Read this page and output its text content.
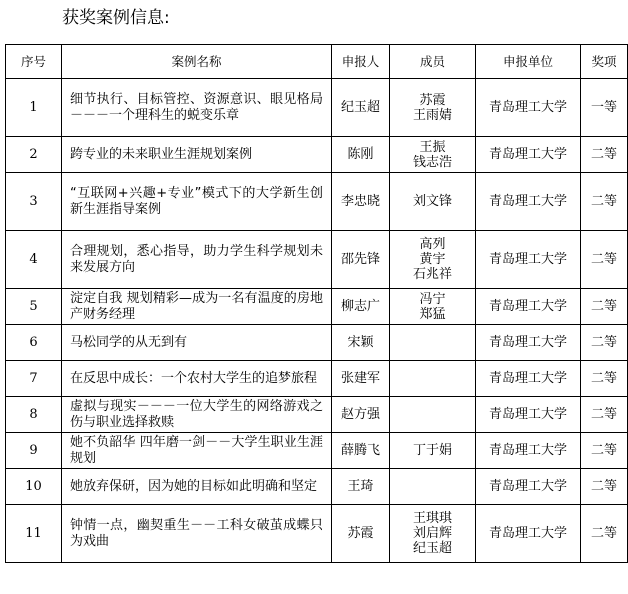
获奖案例信息:
序号	案例名称	申报人	成员	申报单位	奖项
1	细节执行、目标管控、资源意识、眼见格局－－－一个理科生的蜕变乐章	纪玉超	苏霞
王雨婧	青岛理工大学	一等
2	跨专业的未来职业生涯规划案例	陈刚	王振
钱志浩	青岛理工大学	二等
3	“互联网+兴趣+专业”模式下的大学新生创新生涯指导案例	李忠晓	刘文锋	青岛理工大学	二等
4	合理规划，悉心指导，助力学生科学规划未来发展方向	邵先锋	高列
黄宇
石兆祥	青岛理工大学	二等
5	淀定自我 规划精彩—成为一名有温度的房地产财务经理	柳志广	冯宁
郑猛	青岛理工大学	二等
6	马松同学的从无到有	宋颖		青岛理工大学	二等
7	在反思中成长：一个农村大学生的追梦旅程	张建军		青岛理工大学	二等
8	虚拟与现实－－－一位大学生的网络游戏之伤与职业选择救赎	赵方强		青岛理工大学	二等
9	她不负韶华 四年磨一剑－－大学生职业生涯规划	薛腾飞	丁于娟	青岛理工大学	二等
10	她放弃保研，因为她的目标如此明确和坚定	王琦		青岛理工大学	二等
11	钟情一点，幽契重生－－工科女破茧成蝶只为戏曲	苏霞	王琪琪
刘启辉
纪玉超	青岛理工大学	二等
